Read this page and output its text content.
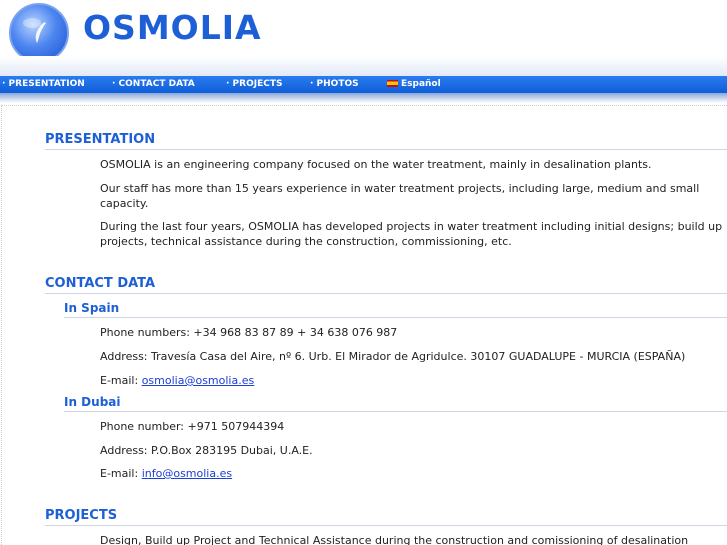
OSMOLIA
· PRESENTATION	· CONTACT DATA	· PROJECTS	· PHOTOS	Español
PRESENTATION
OSMOLIA is an engineering company focused on the water treatment, mainly in desalination plants.
Our staff has more than 15 years experience in water treatment projects, including large, medium and small capacity.
During the last four years, OSMOLIA has developed projects in water treatment including initial designs; build up projects, technical assistance during the construction, commissioning, etc.
CONTACT DATA
In Spain
Phone numbers: +34 968 83 87 89 + 34 638 076 987
Address: Travesía Casa del Aire, nº 6. Urb. El Mirador de Agridulce. 30107 GUADALUPE - MURCIA (ESPAÑA)
E-mail: osmolia@osmolia.es
In Dubai
Phone number: +971 507944394
Address: P.O.Box 283195 Dubai, U.A.E.
E-mail: info@osmolia.es
PROJECTS
Design, Build up Project and Technical Assistance during the construction and comissioning of desalination
